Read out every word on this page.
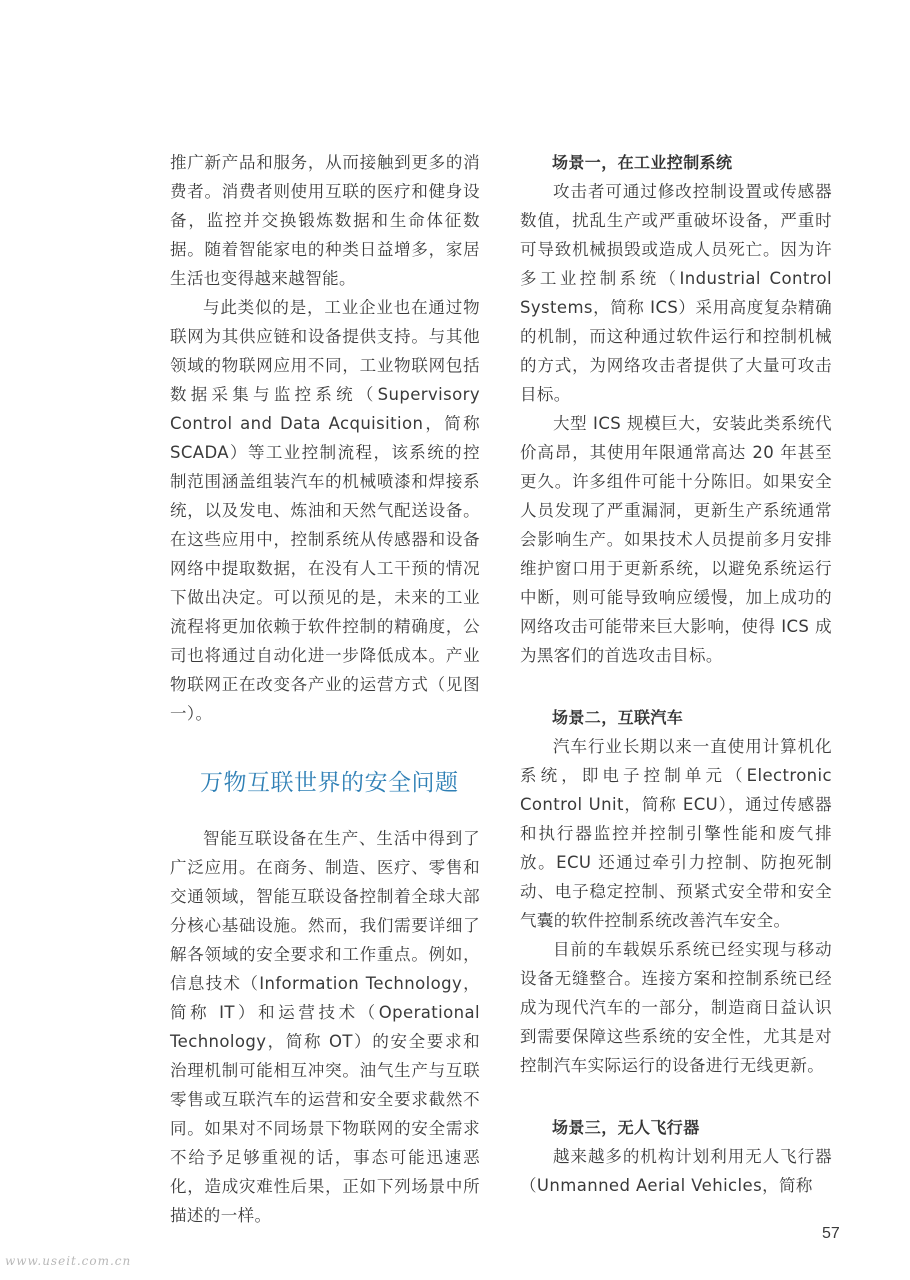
推广新产品和服务，从而接触到更多的消费者。消费者则使用互联的医疗和健身设备，监控并交换锻炼数据和生命体征数据。随着智能家电的种类日益增多，家居生活也变得越来越智能。

与此类似的是，工业企业也在通过物联网为其供应链和设备提供支持。与其他领域的物联网应用不同，工业物联网包括数据采集与监控系统（Supervisory Control and Data Acquisition，简称 SCADA）等工业控制流程，该系统的控制范围涵盖组装汽车的机械喷漆和焊接系统，以及发电、炼油和天然气配送设备。在这些应用中，控制系统从传感器和设备网络中提取数据，在没有人工干预的情况下做出决定。可以预见的是，未来的工业流程将更加依赖于软件控制的精确度，公司也将通过自动化进一步降低成本。产业物联网正在改变各产业的运营方式（见图一）。

万物互联世界的安全问题

智能互联设备在生产、生活中得到了广泛应用。在商务、制造、医疗、零售和交通领域，智能互联设备控制着全球大部分核心基础设施。然而，我们需要详细了解各领域的安全要求和工作重点。例如，信息技术（Information Technology，简称 IT）和运营技术（Operational Technology，简称 OT）的安全要求和治理机制可能相互冲突。油气生产与互联零售或互联汽车的运营和安全要求截然不同。如果对不同场景下物联网的安全需求不给予足够重视的话，事态可能迅速恶化，造成灾难性后果，正如下列场景中所描述的一样。

场景一，在工业控制系统

攻击者可通过修改控制设置或传感器数值，扰乱生产或严重破坏设备，严重时可导致机械损毁或造成人员死亡。因为许多工业控制系统（Industrial Control Systems，简称 ICS）采用高度复杂精确的机制，而这种通过软件运行和控制机械的方式，为网络攻击者提供了大量可攻击目标。

大型 ICS 规模巨大，安装此类系统代价高昂，其使用年限通常高达 20 年甚至更久。许多组件可能十分陈旧。如果安全人员发现了严重漏洞，更新生产系统通常会影响生产。如果技术人员提前多月安排维护窗口用于更新系统，以避免系统运行中断，则可能导致响应缓慢，加上成功的网络攻击可能带来巨大影响，使得 ICS 成为黑客们的首选攻击目标。

场景二，互联汽车

汽车行业长期以来一直使用计算机化系统，即电子控制单元（Electronic Control Unit，简称 ECU），通过传感器和执行器监控并控制引擎性能和废气排放。ECU 还通过牵引力控制、防抱死制动、电子稳定控制、预紧式安全带和安全气囊的软件控制系统改善汽车安全。

目前的车载娱乐系统已经实现与移动设备无缝整合。连接方案和控制系统已经成为现代汽车的一部分，制造商日益认识到需要保障这些系统的安全性，尤其是对控制汽车实际运行的设备进行无线更新。

场景三，无人飞行器

越来越多的机构计划利用无人飞行器（Unmanned Aerial Vehicles，简称

57
www.useit.com.cn
